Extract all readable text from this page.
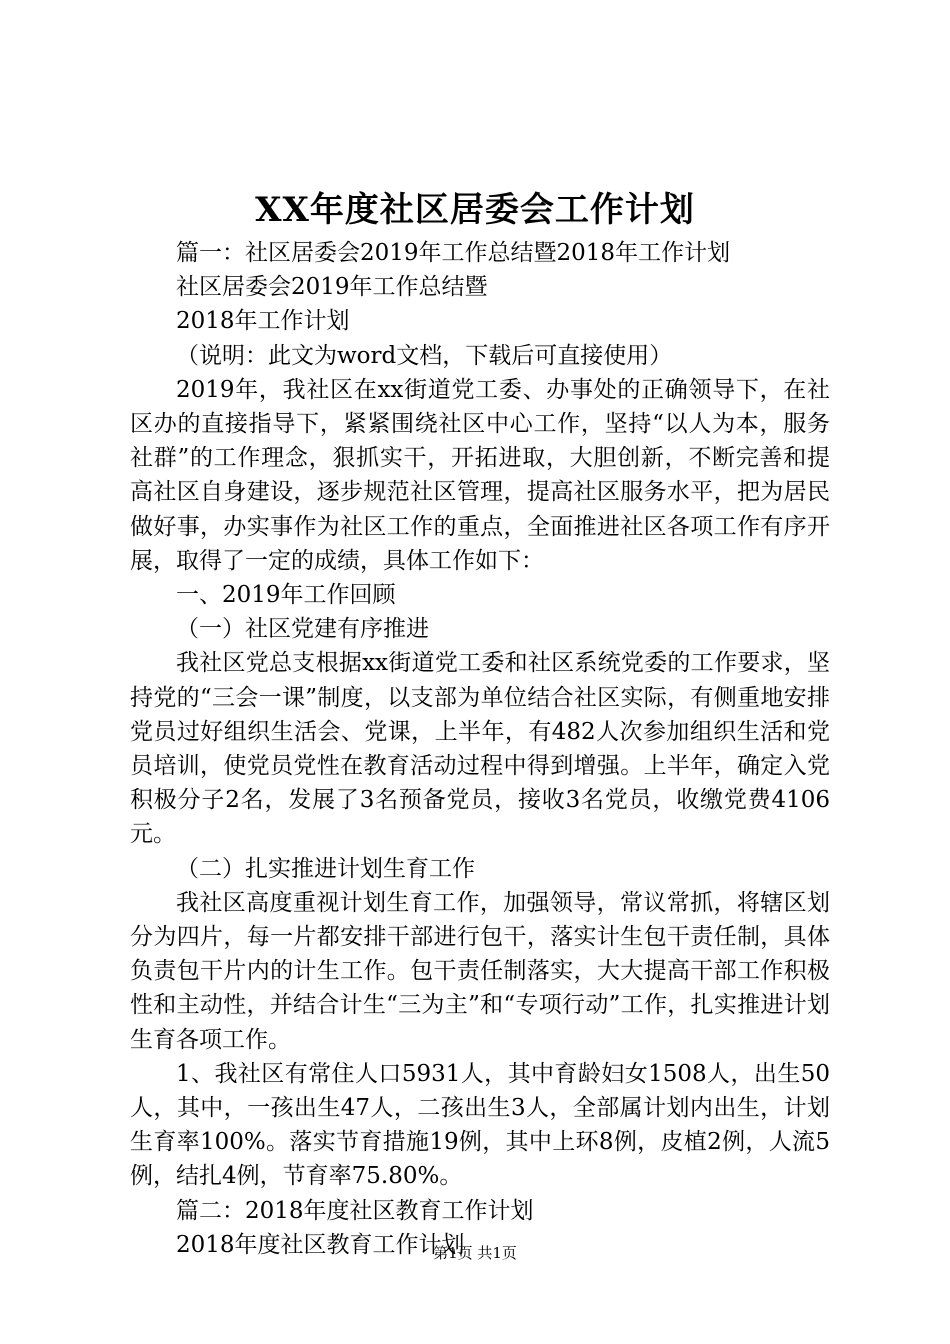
XX年度社区居委会工作计划

篇一：社区居委会2019年工作总结暨2018年工作计划

社区居委会2019年工作总结暨

2018年工作计划

（说明：此文为word文档，下载后可直接使用）

2019年，我社区在xx街道党工委、办事处的正确领导下，在社区办的直接指导下，紧紧围绕社区中心工作，坚持“以人为本，服务社群”的工作理念，狠抓实干，开拓进取，大胆创新，不断完善和提高社区自身建设，逐步规范社区管理，提高社区服务水平，把为居民做好事，办实事作为社区工作的重点，全面推进社区各项工作有序开展，取得了一定的成绩，具体工作如下：

一、2019年工作回顾

（一）社区党建有序推进

我社区党总支根据xx街道党工委和社区系统党委的工作要求，坚持党的“三会一课”制度，以支部为单位结合社区实际，有侧重地安排党员过好组织生活会、党课，上半年，有482人次参加组织生活和党员培训，使党员党性在教育活动过程中得到增强。上半年，确定入党积极分子2名，发展了3名预备党员，接收3名党员，收缴党费4106元。

（二）扎实推进计划生育工作

我社区高度重视计划生育工作，加强领导，常议常抓，将辖区划分为四片，每一片都安排干部进行包干，落实计生包干责任制，具体负责包干片内的计生工作。包干责任制落实，大大提高干部工作积极性和主动性，并结合计生“三为主”和“专项行动”工作，扎实推进计划生育各项工作。

1、我社区有常住人口5931人，其中育龄妇女1508人，出生50人，其中，一孩出生47人，二孩出生3人，全部属计划内出生，计划生育率100%。落实节育措施19例，其中上环8例，皮植2例，人流5例，结扎4例，节育率75.80%。

篇二：2018年度社区教育工作计划

2018年度社区教育工作计划

第1页 共1页
